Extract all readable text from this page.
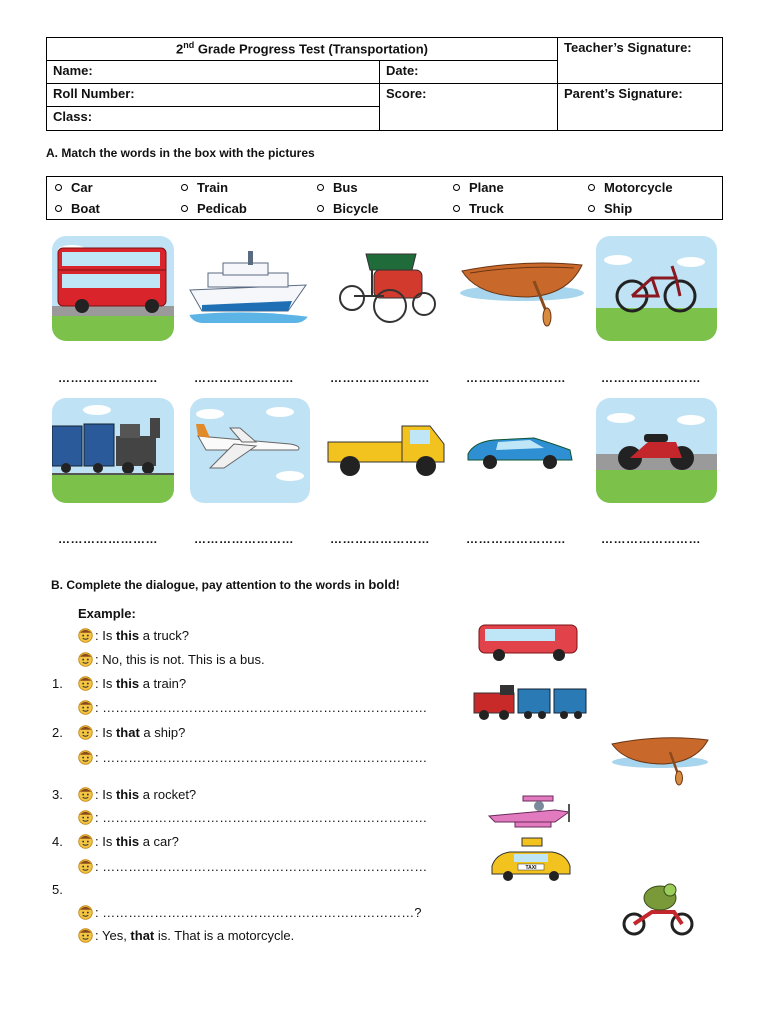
2nd Grade Progress Test (Transportation)	Teacher’s Signature:
Name:	Date:
Roll Number:	Score:	Parent’s Signature:
Class:
A. Match the words in the box with the pictures
Car	Train	Bus	Plane	Motorcycle
Boat	Pedicab	Bicycle	Truck	Ship
……………………	……………………	……………………	……………………	……………………
……………………	……………………	……………………	……………………	……………………
B. Complete the dialogue, pay attention to the words in bold!
Example:
: Is this a truck?
: No, this is not. This is a bus.
1.	: Is this a train?
: …………………………………………………………………
2.	: Is that a ship?
: …………………………………………………………………
3.	: Is this a rocket?
: …………………………………………………………………
4.	: Is this a car?
: …………………………………………………………………
5.
: ………………………………………………………………?
: Yes, that is. That is a motorcycle.
TAXI
